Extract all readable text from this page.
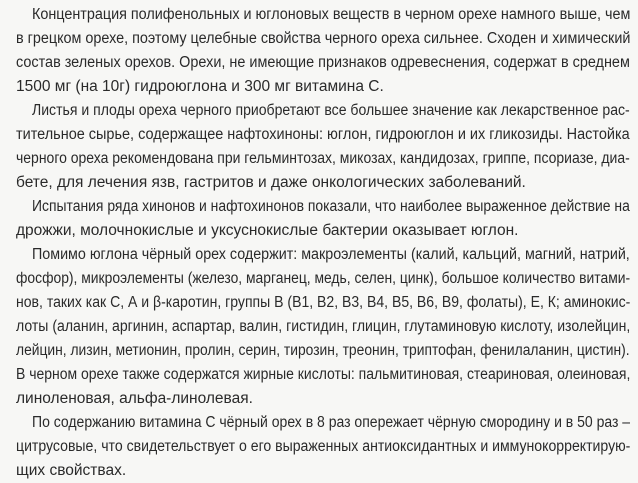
Концентрация полифенольных и юглоновых веществ в черном орехе намного выше, чем
в грецком орехе, поэтому целебные свойства черного ореха сильнее. Сходен и химический
состав зеленых орехов. Орехи, не имеющие признаков одревеснения, содержат в среднем
1500 мг (на 10г) гидроюглона и 300 мг витамина С.
Листья и плоды ореха черного приобретают все большее значение как лекарственное рас-
тительное сырье, содержащее нафтохиноны: юглон, гидроюглон и их гликозиды. Настойка
черного ореха рекомендована при гельминтозах, микозах, кандидозах, гриппе, псориазе, диа-
бете, для лечения язв, гастритов и даже онкологических заболеваний.
Испытания ряда хинонов и нафтохинонов показали, что наиболее выраженное действие на
дрожжи, молочнокислые и уксуснокислые бактерии оказывает юглон.
Помимо юглона чёрный орех содержит: макроэлементы (калий, кальций, магний, натрий,
фосфор), микроэлементы (железо, марганец, медь, селен, цинк), большое количество витами-
нов, таких как С, А и β-каротин, группы В (В1, В2, В3, В4, В5, В6, В9, фолаты), Е, К; аминокис-
лоты (аланин, аргинин, аспартар, валин, гистидин, глицин, глутаминовую кислоту, изолейцин,
лейцин, лизин, метионин, пролин, серин, тирозин, треонин, триптофан, фенилаланин, цистин).
В черном орехе также содержатся жирные кислоты: пальмитиновая, стеариновая, олеиновая,
линоленовая, альфа-линолевая.
По содержанию витамина С чёрный орех в 8 раз опережает чёрную смородину и в 50 раз –
цитрусовые, что свидетельствует о его выраженных антиоксидантных и иммунокорректирую-
щих свойствах.
